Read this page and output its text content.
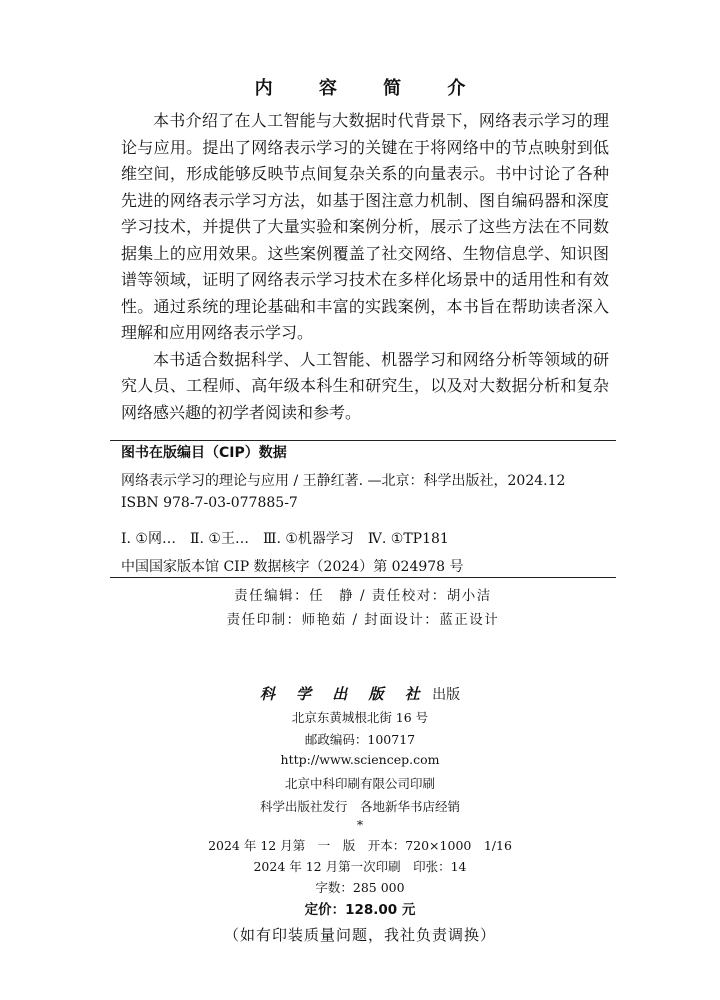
内 容 简 介

本书介绍了在人工智能与大数据时代背景下，网络表示学习的理论与应用。提出了网络表示学习的关键在于将网络中的节点映射到低维空间，形成能够反映节点间复杂关系的向量表示。书中讨论了各种先进的网络表示学习方法，如基于图注意力机制、图自编码器和深度学习技术，并提供了大量实验和案例分析，展示了这些方法在不同数据集上的应用效果。这些案例覆盖了社交网络、生物信息学、知识图谱等领域，证明了网络表示学习技术在多样化场景中的适用性和有效性。通过系统的理论基础和丰富的实践案例，本书旨在帮助读者深入理解和应用网络表示学习。

本书适合数据科学、人工智能、机器学习和网络分析等领域的研究人员、工程师、高年级本科生和研究生，以及对大数据分析和复杂网络感兴趣的初学者阅读和参考。

图书在版编目（CIP）数据
网络表示学习的理论与应用 / 王静红著. —北京：科学出版社，2024.12
ISBN 978-7-03-077885-7
Ⅰ. ①网…　Ⅱ. ①王…　Ⅲ. ①机器学习　Ⅳ. ①TP181
中国国家版本馆 CIP 数据核字（2024）第 024978 号
责任编辑：任　静 / 责任校对：胡小洁
责任印制：师艳茹 / 封面设计：蓝正设计
科 学 出 版 社 出版
北京东黄城根北街 16 号
邮政编码：100717
http://www.sciencep.com
北京中科印刷有限公司印刷
科学出版社发行　各地新华书店经销
*
2024 年 12 月第　一　版　开本：720×1000　1/16
2024 年 12 月第一次印刷　印张：14
字数：285 000
定价：128.00 元
（如有印装质量问题，我社负责调换）
